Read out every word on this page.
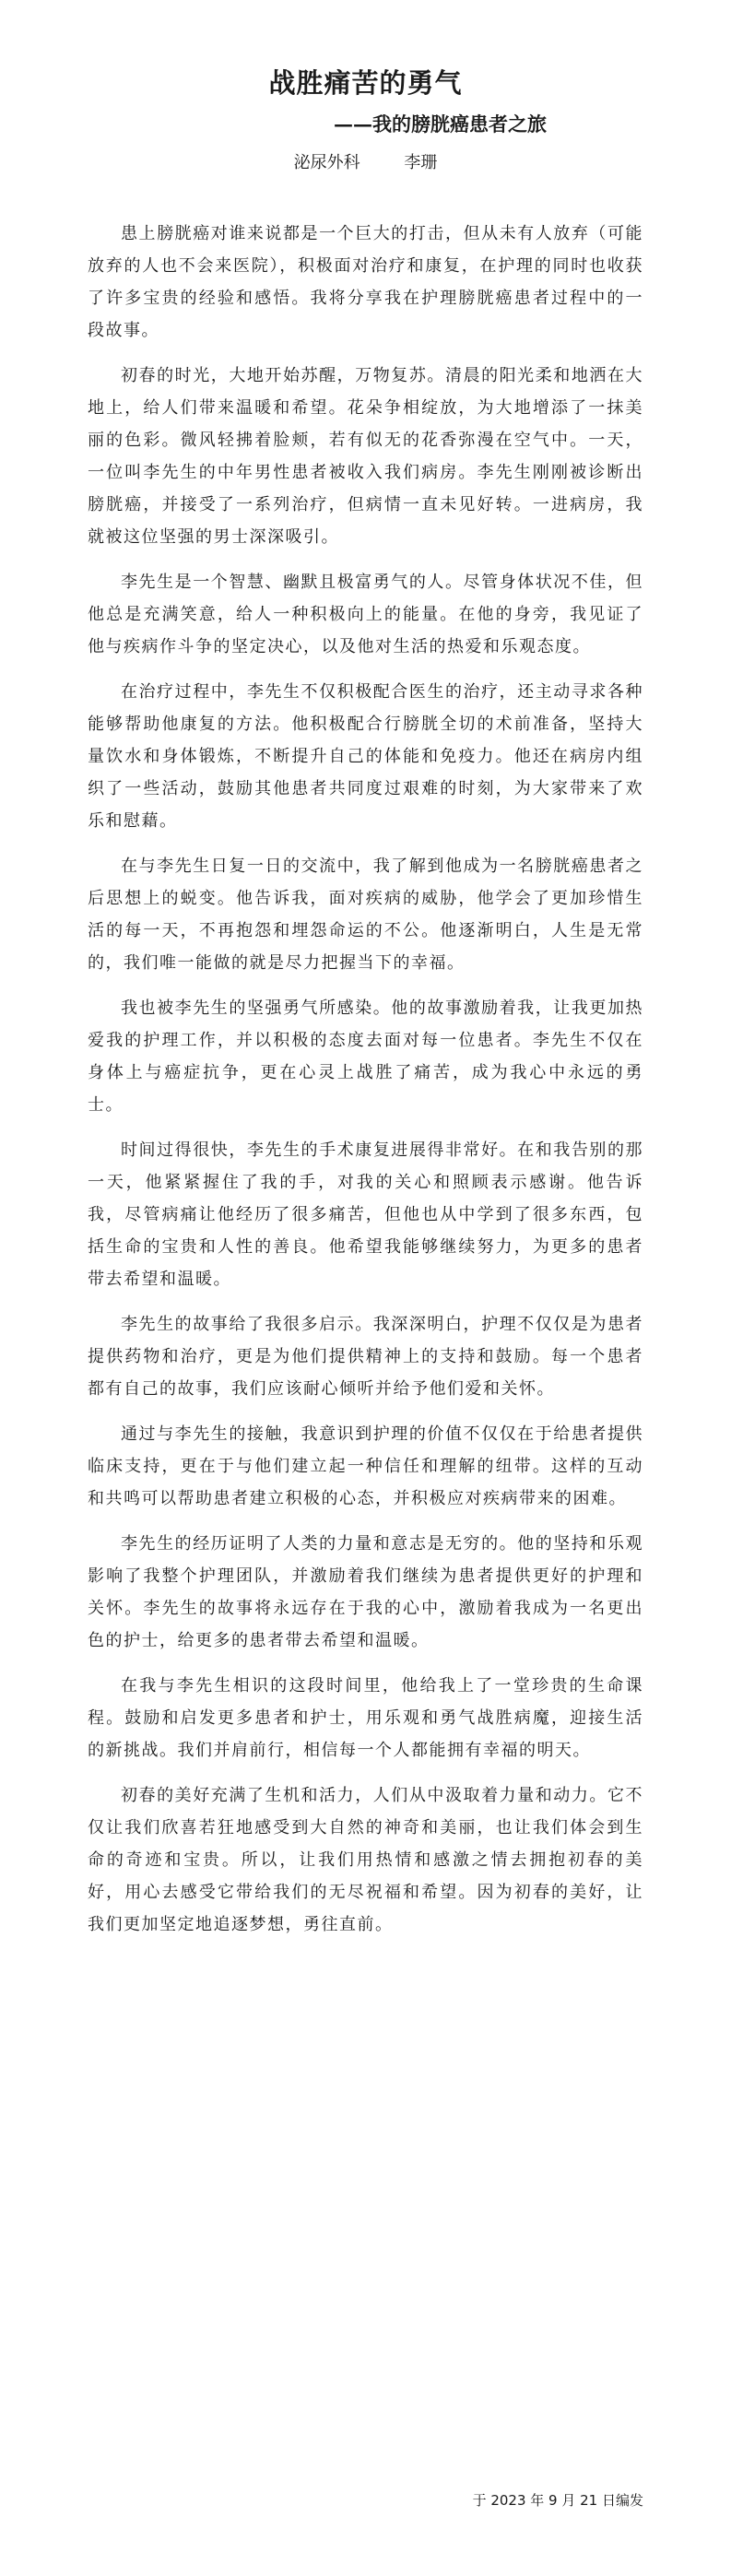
战胜痛苦的勇气
——我的膀胱癌患者之旅
泌尿外科	李珊

患上膀胱癌对谁来说都是一个巨大的打击，但从未有人放弃（可能放弃的人也不会来医院），积极面对治疗和康复，在护理的同时也收获了许多宝贵的经验和感悟。我将分享我在护理膀胱癌患者过程中的一段故事。

初春的时光，大地开始苏醒，万物复苏。清晨的阳光柔和地洒在大地上，给人们带来温暖和希望。花朵争相绽放，为大地增添了一抹美丽的色彩。微风轻拂着脸颊，若有似无的花香弥漫在空气中。一天，一位叫李先生的中年男性患者被收入我们病房。李先生刚刚被诊断出膀胱癌，并接受了一系列治疗，但病情一直未见好转。一进病房，我就被这位坚强的男士深深吸引。

李先生是一个智慧、幽默且极富勇气的人。尽管身体状况不佳，但他总是充满笑意，给人一种积极向上的能量。在他的身旁，我见证了他与疾病作斗争的坚定决心，以及他对生活的热爱和乐观态度。

在治疗过程中，李先生不仅积极配合医生的治疗，还主动寻求各种能够帮助他康复的方法。他积极配合行膀胱全切的术前准备，坚持大量饮水和身体锻炼，不断提升自己的体能和免疫力。他还在病房内组织了一些活动，鼓励其他患者共同度过艰难的时刻，为大家带来了欢乐和慰藉。

在与李先生日复一日的交流中，我了解到他成为一名膀胱癌患者之后思想上的蜕变。他告诉我，面对疾病的威胁，他学会了更加珍惜生活的每一天，不再抱怨和埋怨命运的不公。他逐渐明白，人生是无常的，我们唯一能做的就是尽力把握当下的幸福。

我也被李先生的坚强勇气所感染。他的故事激励着我，让我更加热爱我的护理工作，并以积极的态度去面对每一位患者。李先生不仅在身体上与癌症抗争，更在心灵上战胜了痛苦，成为我心中永远的勇士。

时间过得很快，李先生的手术康复进展得非常好。在和我告别的那一天，他紧紧握住了我的手，对我的关心和照顾表示感谢。他告诉我，尽管病痛让他经历了很多痛苦，但他也从中学到了很多东西，包括生命的宝贵和人性的善良。他希望我能够继续努力，为更多的患者带去希望和温暖。

李先生的故事给了我很多启示。我深深明白，护理不仅仅是为患者提供药物和治疗，更是为他们提供精神上的支持和鼓励。每一个患者都有自己的故事，我们应该耐心倾听并给予他们爱和关怀。

通过与李先生的接触，我意识到护理的价值不仅仅在于给患者提供临床支持，更在于与他们建立起一种信任和理解的纽带。这样的互动和共鸣可以帮助患者建立积极的心态，并积极应对疾病带来的困难。

李先生的经历证明了人类的力量和意志是无穷的。他的坚持和乐观影响了我整个护理团队，并激励着我们继续为患者提供更好的护理和关怀。李先生的故事将永远存在于我的心中，激励着我成为一名更出色的护士，给更多的患者带去希望和温暖。

在我与李先生相识的这段时间里，他给我上了一堂珍贵的生命课程。鼓励和启发更多患者和护士，用乐观和勇气战胜病魔，迎接生活的新挑战。我们并肩前行，相信每一个人都能拥有幸福的明天。

初春的美好充满了生机和活力，人们从中汲取着力量和动力。它不仅让我们欣喜若狂地感受到大自然的神奇和美丽，也让我们体会到生命的奇迹和宝贵。所以，让我们用热情和感激之情去拥抱初春的美好，用心去感受它带给我们的无尽祝福和希望。因为初春的美好，让我们更加坚定地追逐梦想，勇往直前。

于 2023 年 9 月 21 日编发
